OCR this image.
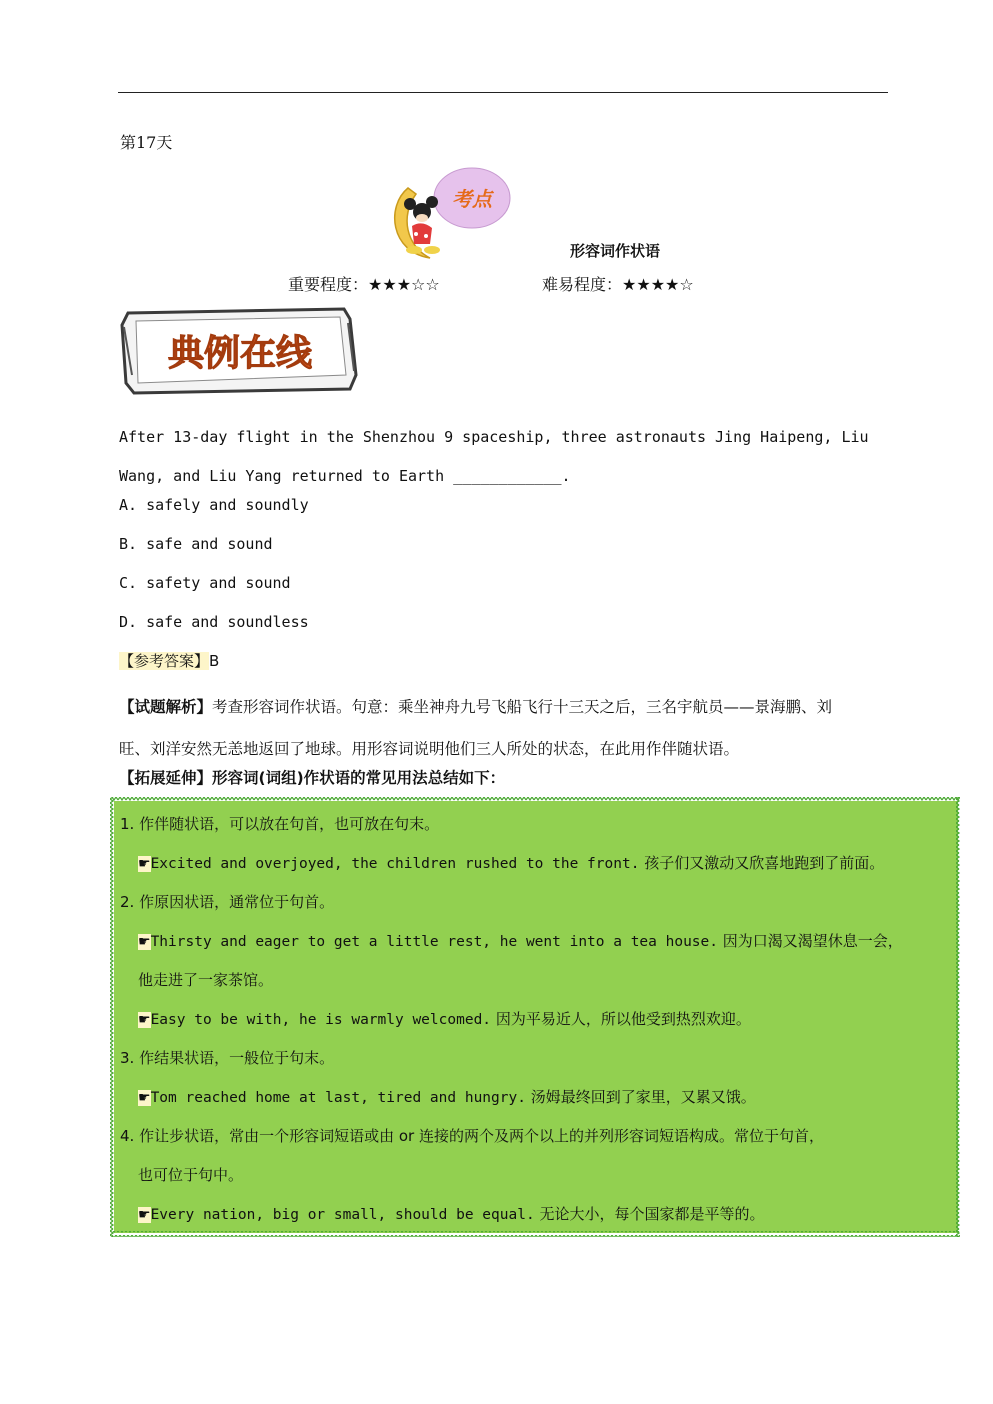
第17天
考点
形容词作状语
重要程度：★★★☆☆	难易程度：★★★★☆
典例在线
After 13-day flight in the Shenzhou 9 spaceship, three astronauts Jing Haipeng, Liu
Wang, and Liu Yang returned to Earth ____________.
A. safely and soundly
B. safe and sound
C. safety and sound
D. safe and soundless
【参考答案】B
【试题解析】考查形容词作状语。句意：乘坐神舟九号飞船飞行十三天之后，三名宇航员——景海鹏、刘
旺、刘洋安然无恙地返回了地球。用形容词说明他们三人所处的状态，在此用作伴随状语。
【拓展延伸】形容词(词组)作状语的常见用法总结如下：
1. 作伴随状语，可以放在句首，也可放在句末。
☛Excited and overjoyed, the children rushed to the front. 孩子们又激动又欣喜地跑到了前面。
2. 作原因状语，通常位于句首。
☛Thirsty and eager to get a little rest, he went into a tea house. 因为口渴又渴望休息一会，
他走进了一家茶馆。
☛Easy to be with, he is warmly welcomed. 因为平易近人，所以他受到热烈欢迎。
3. 作结果状语，一般位于句末。
☛Tom reached home at last, tired and hungry. 汤姆最终回到了家里，又累又饿。
4. 作让步状语，常由一个形容词短语或由 or 连接的两个及两个以上的并列形容词短语构成。常位于句首，
也可位于句中。
☛Every nation, big or small, should be equal. 无论大小，每个国家都是平等的。
